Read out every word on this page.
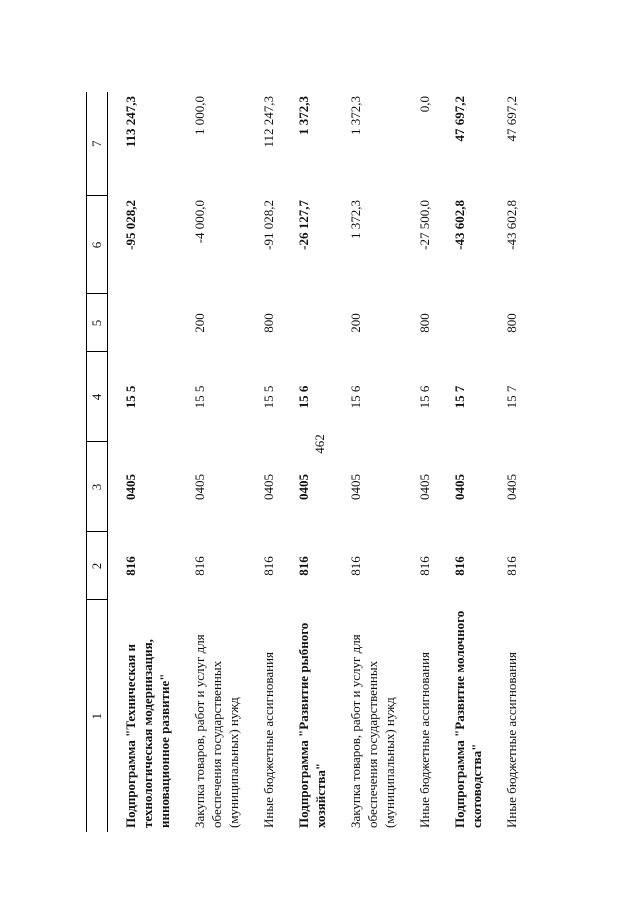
462
1	2	3	4	5	6	7

Подпрограмма "Техническая и технологическая модернизация, инновационное развитие"	816	0405	15 5		-95 028,2	113 247,3
Закупка товаров, работ и услуг для обеспечения государственных (муниципальных) нужд	816	0405	15 5	200	-4 000,0	1 000,0
Иные бюджетные ассигнования	816	0405	15 5	800	-91 028,2	112 247,3
Подпрограмма "Развитие рыбного хозяйства"	816	0405	15 6		-26 127,7	1 372,3
Закупка товаров, работ и услуг для обеспечения государственных (муниципальных) нужд	816	0405	15 6	200	1 372,3	1 372,3
Иные бюджетные ассигнования	816	0405	15 6	800	-27 500,0	0,0
Подпрограмма "Развитие молочного скотоводства"	816	0405	15 7		-43 602,8	47 697,2
Иные бюджетные ассигнования	816	0405	15 7	800	-43 602,8	47 697,2
